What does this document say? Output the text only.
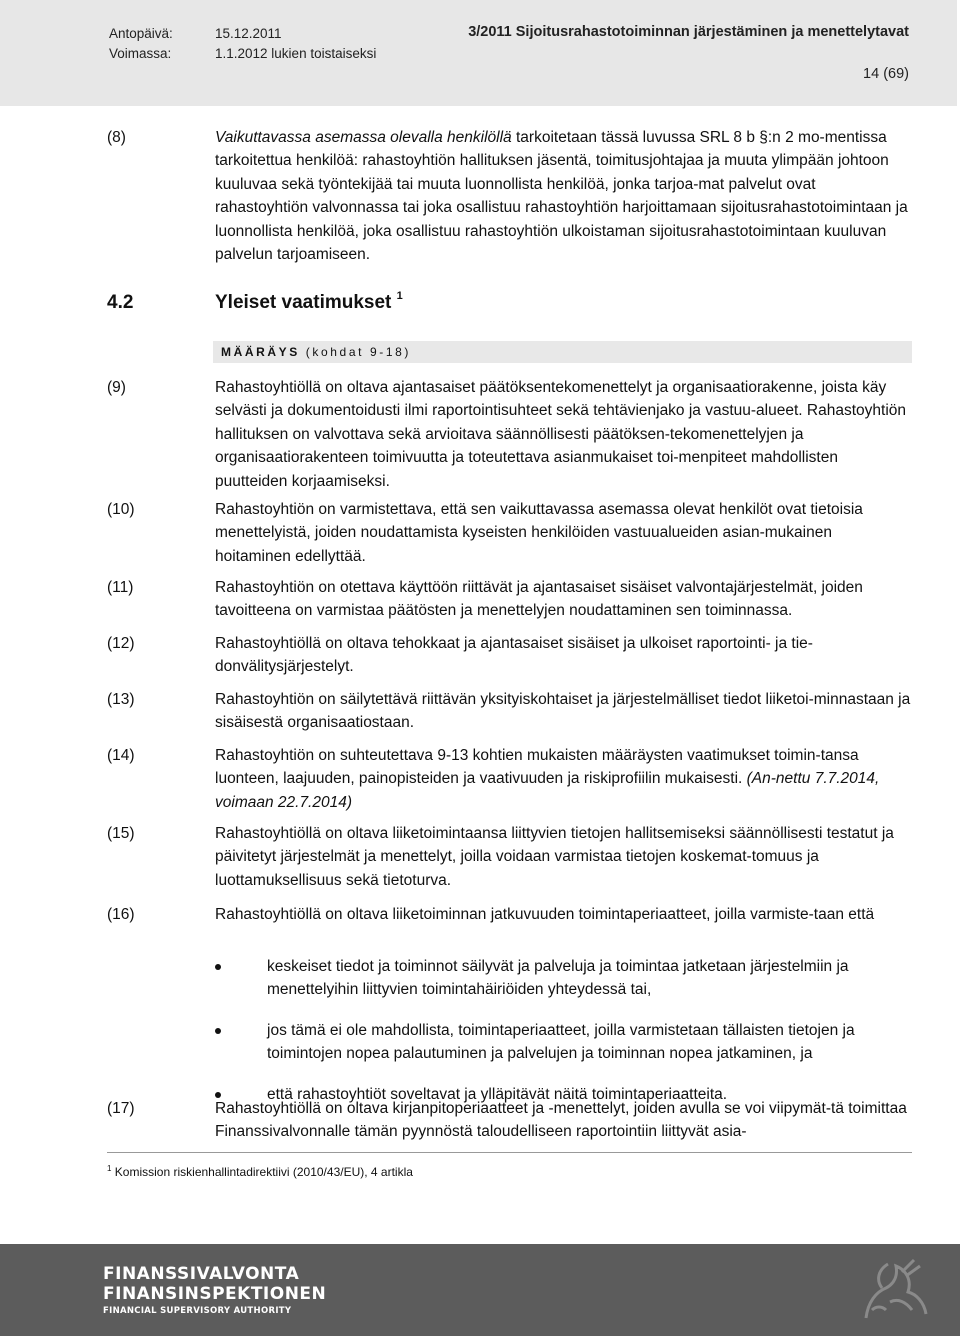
Antopäivä:	15.12.2011
Voimassa:	1.1.2012 lukien toistaiseksi
3/2011 Sijoitusrahastotoiminnan järjestäminen ja menettelytavat
14 (69)
(8)	Vaikuttavassa asemassa olevalla henkilöllä tarkoitetaan tässä luvussa SRL 8 b §:n 2 mo-mentissa tarkoitettua henkilöä: rahastoyhtiön hallituksen jäsentä, toimitusjohtajaa ja muuta ylimpään johtoon kuuluvaa sekä työntekijää tai muuta luonnollista henkilöä, jonka tarjoa-mat palvelut ovat rahastoyhtiön valvonnassa tai joka osallistuu rahastoyhtiön harjoittamaan sijoitusrahastotoimintaan ja luonnollista henkilöä, joka osallistuu rahastoyhtiön ulkoistaman sijoitusrahastotoimintaan kuuluvan palvelun tarjoamiseen.
4.2	Yleiset vaatimukset $^1$
MÄÄRÄYS (kohdat 9-18)
(9)	Rahastoyhtiöllä on oltava ajantasaiset päätöksentekomenettelyt ja organisaatiorakenne, joista käy selvästi ja dokumentoidusti ilmi raportointisuhteet sekä tehtävienjako ja vastuu-alueet. Rahastoyhtiön hallituksen on valvottava sekä arvioitava säännöllisesti päätöksen-tekomenettelyjen ja organisaatiorakenteen toimivuutta ja toteutettava asianmukaiset toi-menpiteet mahdollisten puutteiden korjaamiseksi.
(10)	Rahastoyhtiön on varmistettava, että sen vaikuttavassa asemassa olevat henkilöt ovat tietoisia menettelyistä, joiden noudattamista kyseisten henkilöiden vastuualueiden asian-mukainen hoitaminen edellyttää.
(11)	Rahastoyhtiön on otettava käyttöön riittävät ja ajantasaiset sisäiset valvontajärjestelmät, joiden tavoitteena on varmistaa päätösten ja menettelyjen noudattaminen sen toiminnassa.
(12)	Rahastoyhtiöllä on oltava tehokkaat ja ajantasaiset sisäiset ja ulkoiset raportointi- ja tie-donvälitysjärjestelyt.
(13)	Rahastoyhtiön on säilytettävä riittävän yksityiskohtaiset ja järjestelmälliset tiedot liiketoi-minnastaan ja sisäisestä organisaatiostaan.
(14)	Rahastoyhtiön on suhteutettava 9-13 kohtien mukaisten määräysten vaatimukset toimin-tansa luonteen, laajuuden, painopisteiden ja vaativuuden ja riskiprofiilin mukaisesti. (An-nettu 7.7.2014, voimaan 22.7.2014)
(15)	Rahastoyhtiöllä on oltava liiketoimintaansa liittyvien tietojen hallitsemiseksi säännöllisesti testatut ja päivitetyt järjestelmät ja menettelyt, joilla voidaan varmistaa tietojen koskemat-tomuus ja luottamuksellisuus sekä tietoturva.
(16)	Rahastoyhtiöllä on oltava liiketoiminnan jatkuvuuden toimintaperiaatteet, joilla varmiste-taan että
keskeiset tiedot ja toiminnot säilyvät ja palveluja ja toimintaa jatketaan järjestelmiin ja menettelyihin liittyvien toimintahäiriöiden yhteydessä tai,
jos tämä ei ole mahdollista, toimintaperiaatteet, joilla varmistetaan tällaisten tietojen ja toimintojen nopea palautuminen ja palvelujen ja toiminnan nopea jatkaminen, ja
että rahastoyhtiöt soveltavat ja ylläpitävät näitä toimintaperiaatteita.
(17)	Rahastoyhtiöllä on oltava kirjanpitoperiaatteet ja -menettelyt, joiden avulla se voi viipymät-tä toimittaa Finanssivalvonnalle tämän pyynnöstä taloudelliseen raportointiin liittyvät asia-
$^1$ Komission riskienhallintadirektiivi (2010/43/EU), 4 artikla
FINANSSIVALVONTA
FINANSINSPEKTIONEN
FINANCIAL SUPERVISORY AUTHORITY
